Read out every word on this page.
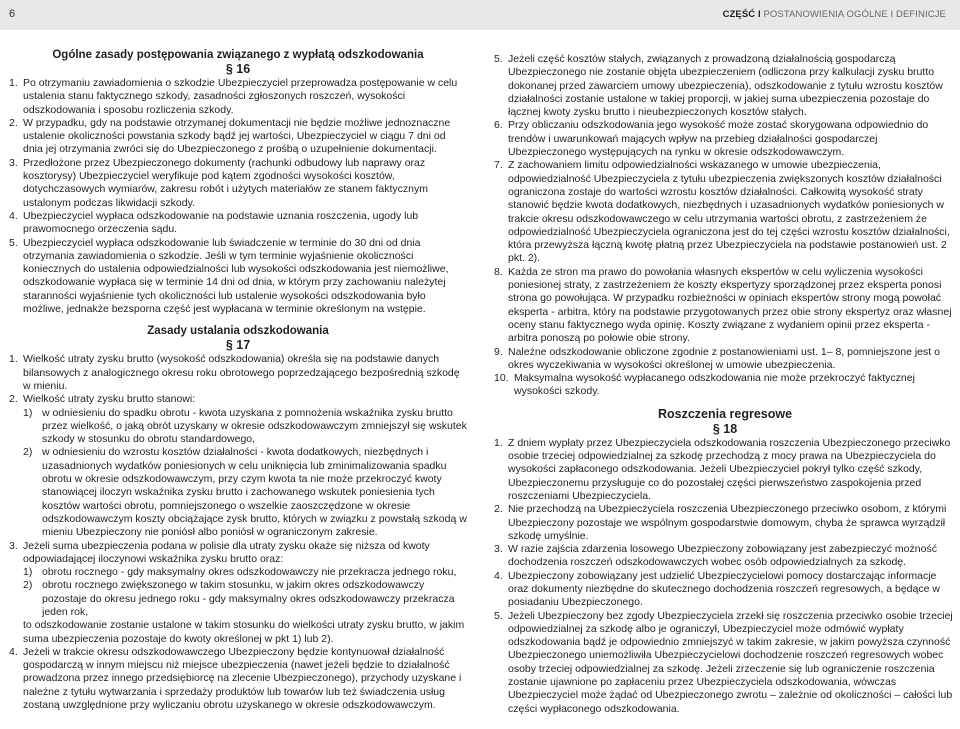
6	CZĘŚĆ I POSTANOWIENIA OGÓLNE I DEFINICJE

Ogólne zasady postępowania związanego z wypłatą odszkodowania

§ 16

1. Po otrzymaniu zawiadomienia o szkodzie Ubezpieczyciel przeprowadza postępowanie w celu ustalenia stanu faktycznego szkody, zasadności zgłoszonych roszczeń, wysokości odszkodowania i sposobu rozliczenia szkody.

2. W przypadku, gdy na podstawie otrzymanej dokumentacji nie będzie możliwe jednoznaczne ustalenie okoliczności powstania szkody bądź jej wartości, Ubezpieczyciel w ciągu 7 dni od dnia jej otrzymania zwróci się do Ubezpieczonego z prośbą o uzupełnienie dokumentacji.

3. Przedłożone przez Ubezpieczonego dokumenty (rachunki odbudowy lub naprawy oraz kosztorysy) Ubezpieczyciel weryfikuje pod kątem zgodności wysokości kosztów, dotychczasowych wymiarów, zakresu robót i użytych materiałów ze stanem faktycznym ustalonym podczas likwidacji szkody.

4. Ubezpieczyciel wypłaca odszkodowanie na podstawie uznania roszczenia, ugody lub prawomocnego orzeczenia sądu.

5. Ubezpieczyciel wypłaca odszkodowanie lub świadczenie w terminie do 30 dni od dnia otrzymania zawiadomienia o szkodzie. Jeśli w tym terminie wyjaśnienie okoliczności koniecznych do ustalenia odpowiedzialności lub wysokości odszkodowania jest niemożliwe, odszkodowanie wypłaca się w terminie 14 dni od dnia, w którym przy zachowaniu należytej staranności wyjaśnienie tych okoliczności lub ustalenie wysokości odszkodowania było możliwe, jednakże bezsporna część jest wypłacana w terminie określonym na wstępie.

Zasady ustalania odszkodowania

§ 17

1. Wielkość utraty zysku brutto (wysokość odszkodowania) określa się na podstawie danych bilansowych z analogicznego okresu roku obrotowego poprzedzającego bezpośrednią szkodę w mieniu.

2. Wielkość utraty zysku brutto stanowi:

1) w odniesieniu do spadku obrotu - kwota uzyskana z pomnożenia wskaźnika zysku brutto przez wielkość, o jaką obrót uzyskany w okresie odszkodowawczym zmniejszył się wskutek szkody w stosunku do obrotu standardowego,

2) w odniesieniu do wzrostu kosztów działalności - kwota dodatkowych, niezbędnych i uzasadnionych wydatków poniesionych w celu uniknięcia lub zminimalizowania spadku obrotu w okresie odszkodowawczym, przy czym kwota ta nie może przekroczyć kwoty stanowiącej iloczyn wskaźnika zysku brutto i zachowanego wskutek poniesienia tych kosztów wartości obrotu, pomniejszonego o wszelkie zaoszczędzone w okresie odszkodowawczym koszty obciążające zysk brutto, których w związku z powstałą szkodą w mieniu Ubezpieczony nie poniósł albo poniósł w ograniczonym zakresie.

3. Jeżeli suma ubezpieczenia podana w polisie dla utraty zysku okaże się niższa od kwoty odpowiadającej iloczynowi wskaźnika zysku brutto oraz:

1) obrotu rocznego - gdy maksymalny okres odszkodowawczy nie przekracza jednego roku,

2) obrotu rocznego zwiększonego w takim stosunku, w jakim okres odszkodowawczy pozostaje do okresu jednego roku - gdy maksymalny okres odszkodowawczy przekracza jeden rok,

to odszkodowanie zostanie ustalone w takim stosunku do wielkości utraty zysku brutto, w jakim suma ubezpieczenia pozostaje do kwoty określonej w pkt 1) lub 2).

4. Jeżeli w trakcie okresu odszkodowawczego Ubezpieczony będzie kontynuował działalność gospodarczą w innym miejscu niż miejsce ubezpieczenia (nawet jeżeli będzie to działalność prowadzona przez innego przedsiębiorcę na zlecenie Ubezpieczonego), przychody uzyskane i należne z tytułu wytwarzania i sprzedaży produktów lub towarów lub też świadczenia usług zostaną uwzględnione przy wyliczaniu obrotu uzyskanego w okresie odszkodowawczym.

5. Jeżeli część kosztów stałych, związanych z prowadzoną działalnością gospodarczą Ubezpieczonego nie zostanie objęta ubezpieczeniem (odliczona przy kalkulacji zysku brutto dokonanej przed zawarciem umowy ubezpieczenia), odszkodowanie z tytułu wzrostu kosztów działalności zostanie ustalone w takiej proporcji, w jakiej suma ubezpieczenia pozostaje do łącznej kwoty zysku brutto i nieubezpieczonych kosztów stałych.

6. Przy obliczaniu odszkodowania jego wysokość może zostać skorygowana odpowiednio do trendów i uwarunkowań mających wpływ na przebieg działalności gospodarczej Ubezpieczonego występujących na rynku w okresie odszkodowawczym.

7. Z zachowaniem limitu odpowiedzialności wskazanego w umowie ubezpieczenia, odpowiedzialność Ubezpieczyciela z tytułu ubezpieczenia zwiększonych kosztów działalności ograniczona zostaje do wartości wzrostu kosztów działalności. Całkowitą wysokość straty stanowić będzie kwota dodatkowych, niezbędnych i uzasadnionych wydatków poniesionych w trakcie okresu odszkodowawczego w celu utrzymania wartości obrotu, z zastrzeżeniem że odpowiedzialność Ubezpieczyciela ograniczona jest do tej części wzrostu kosztów działalności, która przewyższa łączną kwotę płatną przez Ubezpieczyciela na podstawie postanowień ust. 2 pkt. 2).

8. Każda ze stron ma prawo do powołania własnych ekspertów w celu wyliczenia wysokości poniesionej straty, z zastrzeżeniem że koszty ekspertyzy sporządzonej przez eksperta ponosi strona go powołująca. W przypadku rozbieżności w opiniach ekspertów strony mogą powołać eksperta - arbitra, który na podstawie przygotowanych przez obie strony ekspertyz oraz własnej oceny stanu faktycznego wyda opinię. Koszty związane z wydaniem opinii przez eksperta - arbitra ponoszą po połowie obie strony.

9. Należne odszkodowanie obliczone zgodnie z postanowieniami ust. 1– 8, pomniejszone jest o okres wyczekiwania w wysokości określonej w umowie ubezpieczenia.

10. Maksymalna wysokość wypłacanego odszkodowania nie może przekroczyć faktycznej wysokości szkody.

Roszczenia regresowe

§ 18

1. Z dniem wypłaty przez Ubezpieczyciela odszkodowania roszczenia Ubezpieczonego przeciwko osobie trzeciej odpowiedzialnej za szkodę przechodzą z mocy prawa na Ubezpieczyciela do wysokości zapłaconego odszkodowania. Jeżeli Ubezpieczyciel pokrył tylko część szkody, Ubezpieczonemu przysługuje co do pozostałej części pierwszeństwo zaspokojenia przed roszczeniami Ubezpieczyciela.

2. Nie przechodzą na Ubezpieczyciela roszczenia Ubezpieczonego przeciwko osobom, z którymi Ubezpieczony pozostaje we wspólnym gospodarstwie domowym, chyba że sprawca wyrządził szkodę umyślnie.

3. W razie zajścia zdarzenia losowego Ubezpieczony zobowiązany jest zabezpieczyć możność dochodzenia roszczeń odszkodowawczych wobec osób odpowiedzialnych za szkodę.

4. Ubezpieczony zobowiązany jest udzielić Ubezpieczycielowi pomocy dostarczając informacje oraz dokumenty niezbędne do skutecznego dochodzenia roszczeń regresowych, a będące w posiadaniu Ubezpieczonego.

5. Jeżeli Ubezpieczony bez zgody Ubezpieczyciela zrzekł się roszczenia przeciwko osobie trzeciej odpowiedzialnej za szkodę albo je ograniczył, Ubezpieczyciel może odmówić wypłaty odszkodowania bądź je odpowiednio zmniejszyć w takim zakresie, w jakim powyższa czynność Ubezpieczonego uniemożliwiła Ubezpieczycielowi dochodzenie roszczeń regresowych wobec osoby trzeciej odpowiedzialnej za szkodę. Jeżeli zrzeczenie się lub ograniczenie roszczenia zostanie ujawnione po zapłaceniu przez Ubezpieczyciela odszkodowania, wówczas Ubezpieczyciel może żądać od Ubezpieczonego zwrotu – zależnie od okoliczności – całości lub części wypłaconego odszkodowania.
